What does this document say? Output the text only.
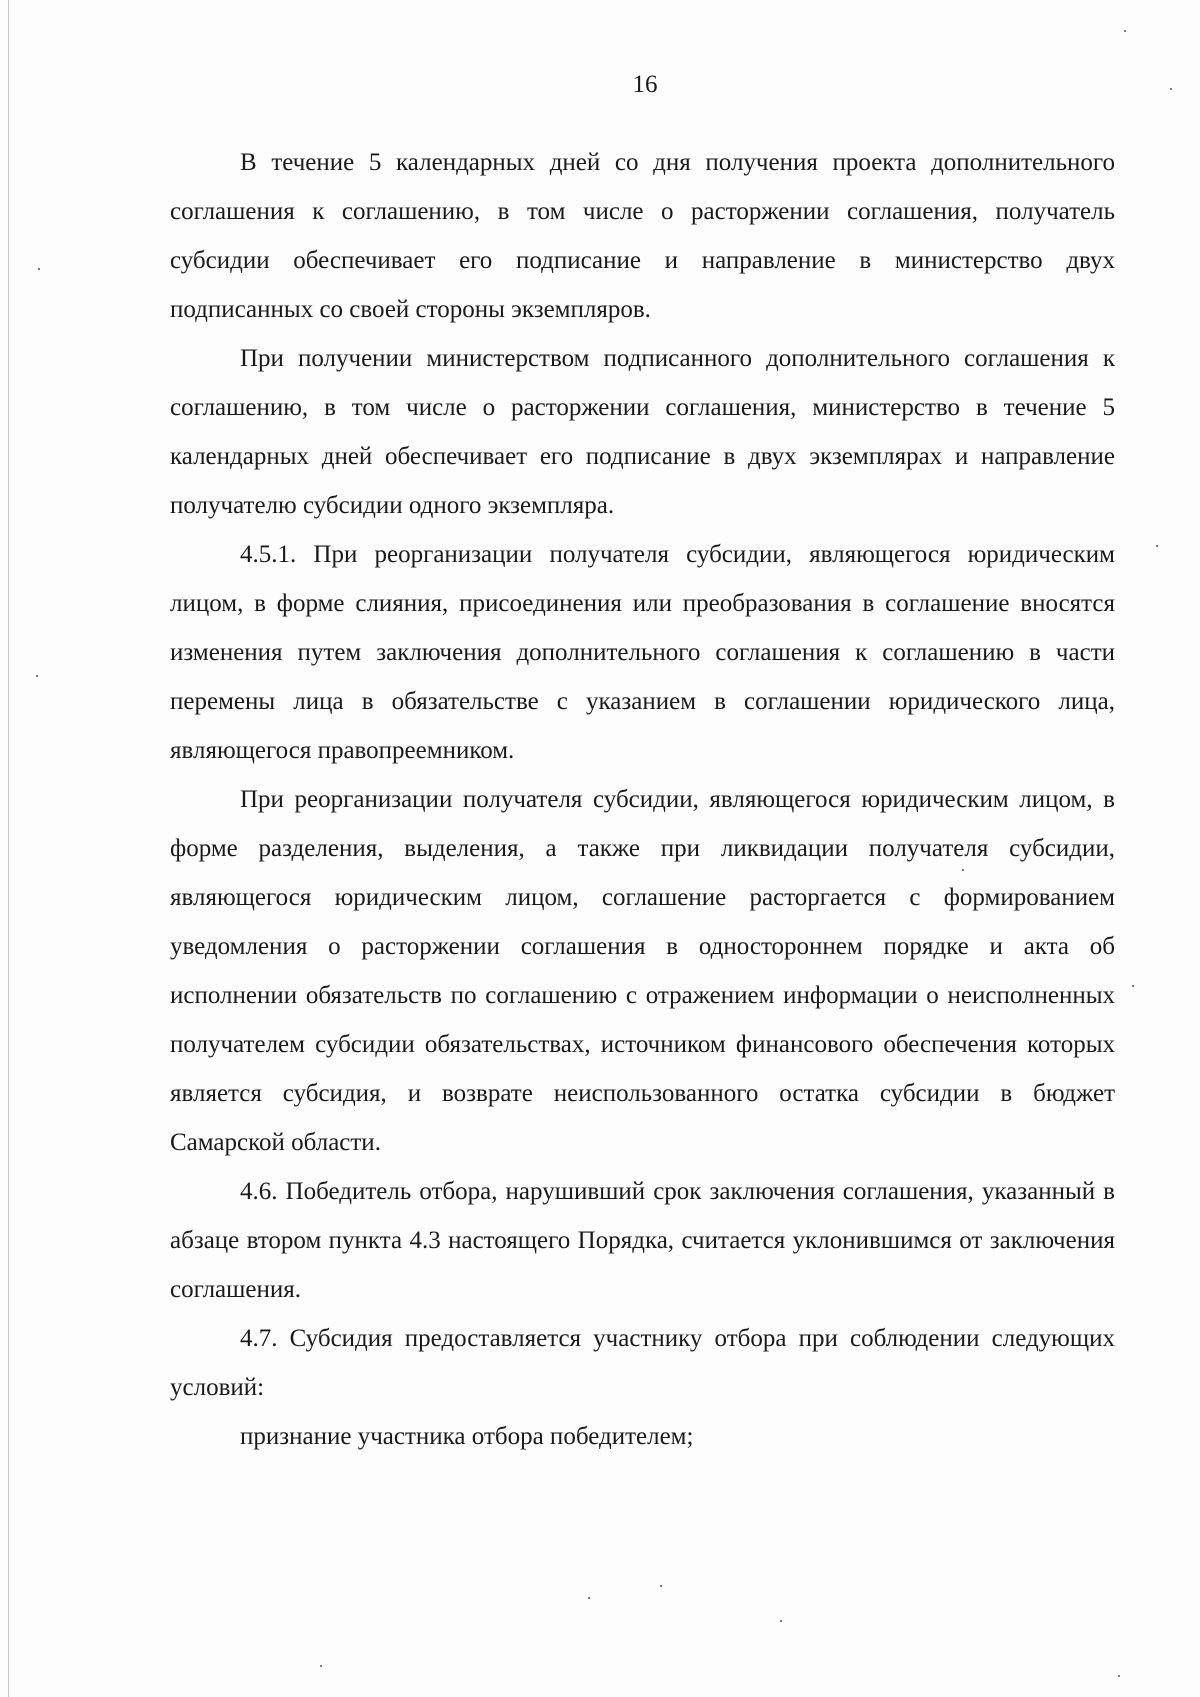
16

В течение 5 календарных дней со дня получения проекта дополнительного соглашения к соглашению, в том числе о расторжении соглашения, получатель субсидии обеспечивает его подписание и направление в министерство двух подписанных со своей стороны экземпляров.

При получении министерством подписанного дополнительного соглашения к соглашению, в том числе о расторжении соглашения, министерство в течение 5 календарных дней обеспечивает его подписание в двух экземплярах и направление получателю субсидии одного экземпляра.

4.5.1. При реорганизации получателя субсидии, являющегося юридическим лицом, в форме слияния, присоединения или преобразования в соглашение вносятся изменения путем заключения дополнительного соглашения к соглашению в части перемены лица в обязательстве с указанием в соглашении юридического лица, являющегося правопреемником.

При реорганизации получателя субсидии, являющегося юридическим лицом, в форме разделения, выделения, а также при ликвидации получателя субсидии, являющегося юридическим лицом, соглашение расторгается с формированием уведомления о расторжении соглашения в одностороннем порядке и акта об исполнении обязательств по соглашению с отражением информации о неисполненных получателем субсидии обязательствах, источником финансового обеспечения которых является субсидия, и возврате неиспользованного остатка субсидии в бюджет Самарской области.

4.6. Победитель отбора, нарушивший срок заключения соглашения, указанный в абзаце втором пункта 4.3 настоящего Порядка, считается уклонившимся от заключения соглашения.

4.7. Субсидия предоставляется участнику отбора при соблюдении следующих условий:

признание участника отбора победителем;
